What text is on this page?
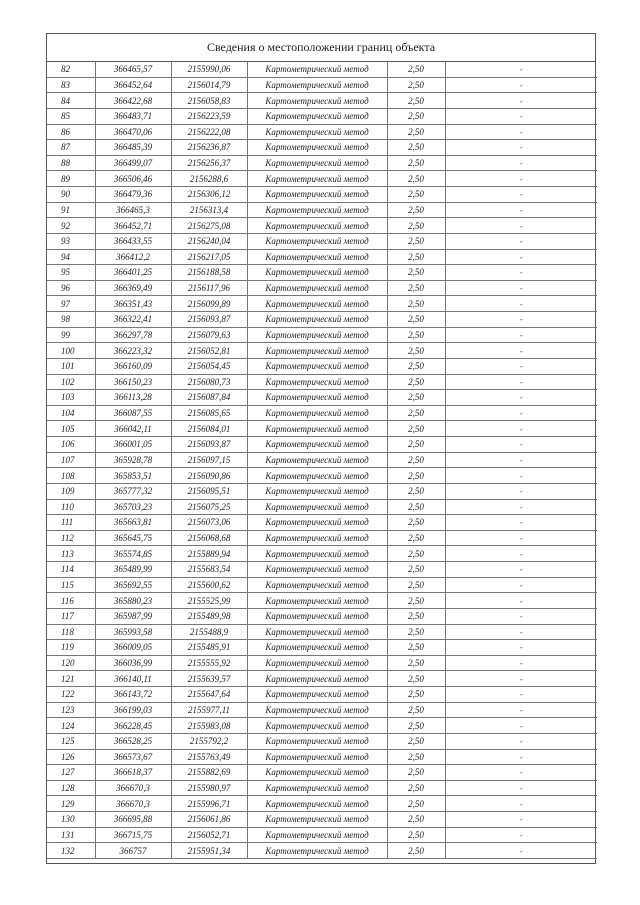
Сведения о местоположении границ объекта
82	366465,57	2155990,06	Картометрический метод	2,50	-
83	366452,64	2156014,79	Картометрический метод	2,50	-
84	366422,68	2156058,83	Картометрический метод	2,50	-
85	366483,71	2156223,59	Картометрический метод	2,50	-
86	366470,06	2156222,08	Картометрический метод	2,50	-
87	366485,39	2156236,87	Картометрический метод	2,50	-
88	366499,07	2156256,37	Картометрический метод	2,50	-
89	366506,46	2156288,6	Картометрический метод	2,50	-
90	366479,36	2156306,12	Картометрический метод	2,50	-
91	366465,3	2156313,4	Картометрический метод	2,50	-
92	366452,71	2156275,08	Картометрический метод	2,50	-
93	366433,55	2156240,04	Картометрический метод	2,50	-
94	366412,2	2156217,05	Картометрический метод	2,50	-
95	366401,25	2156188,58	Картометрический метод	2,50	-
96	366369,49	2156117,96	Картометрический метод	2,50	-
97	366351,43	2156099,89	Картометрический метод	2,50	-
98	366322,41	2156093,87	Картометрический метод	2,50	-
99	366297,78	2156079,63	Картометрический метод	2,50	-
100	366223,32	2156052,81	Картометрический метод	2,50	-
101	366160,09	2156054,45	Картометрический метод	2,50	-
102	366150,23	2156080,73	Картометрический метод	2,50	-
103	366113,28	2156087,84	Картометрический метод	2,50	-
104	366087,55	2156085,65	Картометрический метод	2,50	-
105	366042,11	2156084,01	Картометрический метод	2,50	-
106	366001,05	2156093,87	Картометрический метод	2,50	-
107	365928,78	2156097,15	Картометрический метод	2,50	-
108	365853,51	2156090,86	Картометрический метод	2,50	-
109	365777,32	2156095,51	Картометрический метод	2,50	-
110	365703,23	2156075,25	Картометрический метод	2,50	-
111	365663,81	2156073,06	Картометрический метод	2,50	-
112	365645,75	2156068,68	Картометрический метод	2,50	-
113	365574,85	2155889,94	Картометрический метод	2,50	-
114	365489,99	2155683,54	Картометрический метод	2,50	-
115	365692,55	2155600,62	Картометрический метод	2,50	-
116	365880,23	2155525,99	Картометрический метод	2,50	-
117	365987,99	2155489,98	Картометрический метод	2,50	-
118	365993,58	2155488,9	Картометрический метод	2,50	-
119	366009,05	2155485,91	Картометрический метод	2,50	-
120	366036,99	2155555,92	Картометрический метод	2,50	-
121	366140,11	2155639,57	Картометрический метод	2,50	-
122	366143,72	2155647,64	Картометрический метод	2,50	-
123	366199,03	2155977,11	Картометрический метод	2,50	-
124	366228,45	2155983,08	Картометрический метод	2,50	-
125	366528,25	2155792,2	Картометрический метод	2,50	-
126	366573,67	2155763,49	Картометрический метод	2,50	-
127	366618,37	2155882,69	Картометрический метод	2,50	-
128	366670,3	2155980,97	Картометрический метод	2,50	-
129	366670,3	2155996,71	Картометрический метод	2,50	-
130	366695,88	2156061,86	Картометрический метод	2,50	-
131	366715,75	2156052,71	Картометрический метод	2,50	-
132	366757	2155951,34	Картометрический метод	2,50	-
